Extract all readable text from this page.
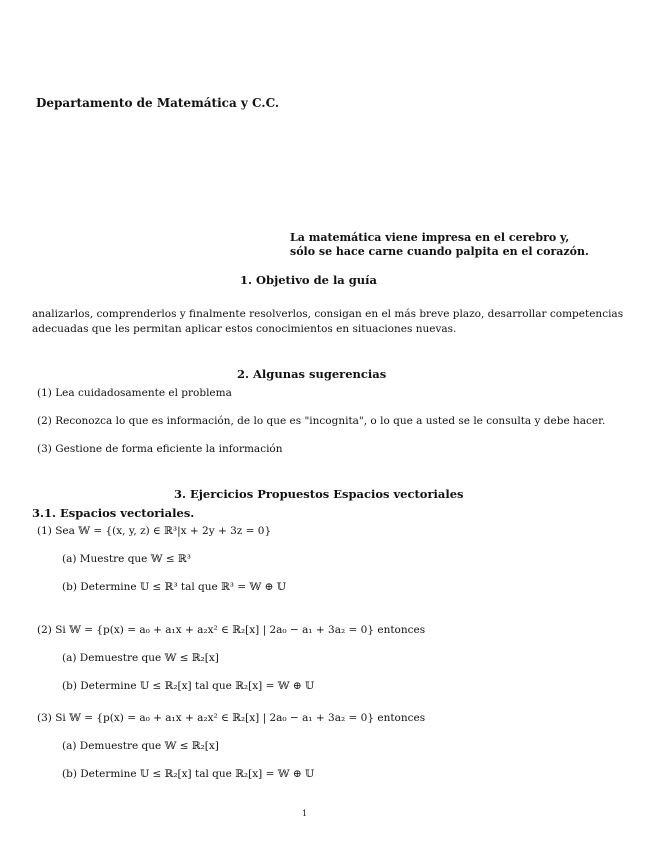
Departamento de Matemática y C.C.
La matemática viene impresa en el cerebro y,
sólo se hace carne cuando palpita en el corazón.
1. Objetivo de la guía
analizarlos, comprenderlos y finalmente resolverlos, consigan en el más breve plazo, desarrollar competencias adecuadas que les permitan aplicar estos conocimientos en situaciones nuevas.
2. Algunas sugerencias
(1) Lea cuidadosamente el problema
(2) Reconozca lo que es información, de lo que es "incognita", o lo que a usted se le consulta y debe hacer.
(3) Gestione de forma eficiente la información
3. Ejercicios Propuestos Espacios vectoriales
3.1. Espacios vectoriales.
(1) Sea 𝕎 = {(x, y, z) ∈ ℝ³|x + 2y + 3z = 0}
(a) Muestre que 𝕎 ≤ ℝ³
(b) Determine 𝕌 ≤ ℝ³ tal que ℝ³ = 𝕎 ⊕ 𝕌
(2) Si 𝕎 = {p(x) = a₀ + a₁x + a₂x² ∈ ℝ₂[x] | 2a₀ − a₁ + 3a₂ = 0} entonces
(a) Demuestre que 𝕎 ≤ ℝ₂[x]
(b) Determine 𝕌 ≤ ℝ₂[x] tal que ℝ₂[x] = 𝕎 ⊕ 𝕌
(3) Si 𝕎 = {p(x) = a₀ + a₁x + a₂x² ∈ ℝ₂[x] | 2a₀ − a₁ + 3a₂ = 0} entonces
(a) Demuestre que 𝕎 ≤ ℝ₂[x]
(b) Determine 𝕌 ≤ ℝ₂[x] tal que ℝ₂[x] = 𝕎 ⊕ 𝕌
1
